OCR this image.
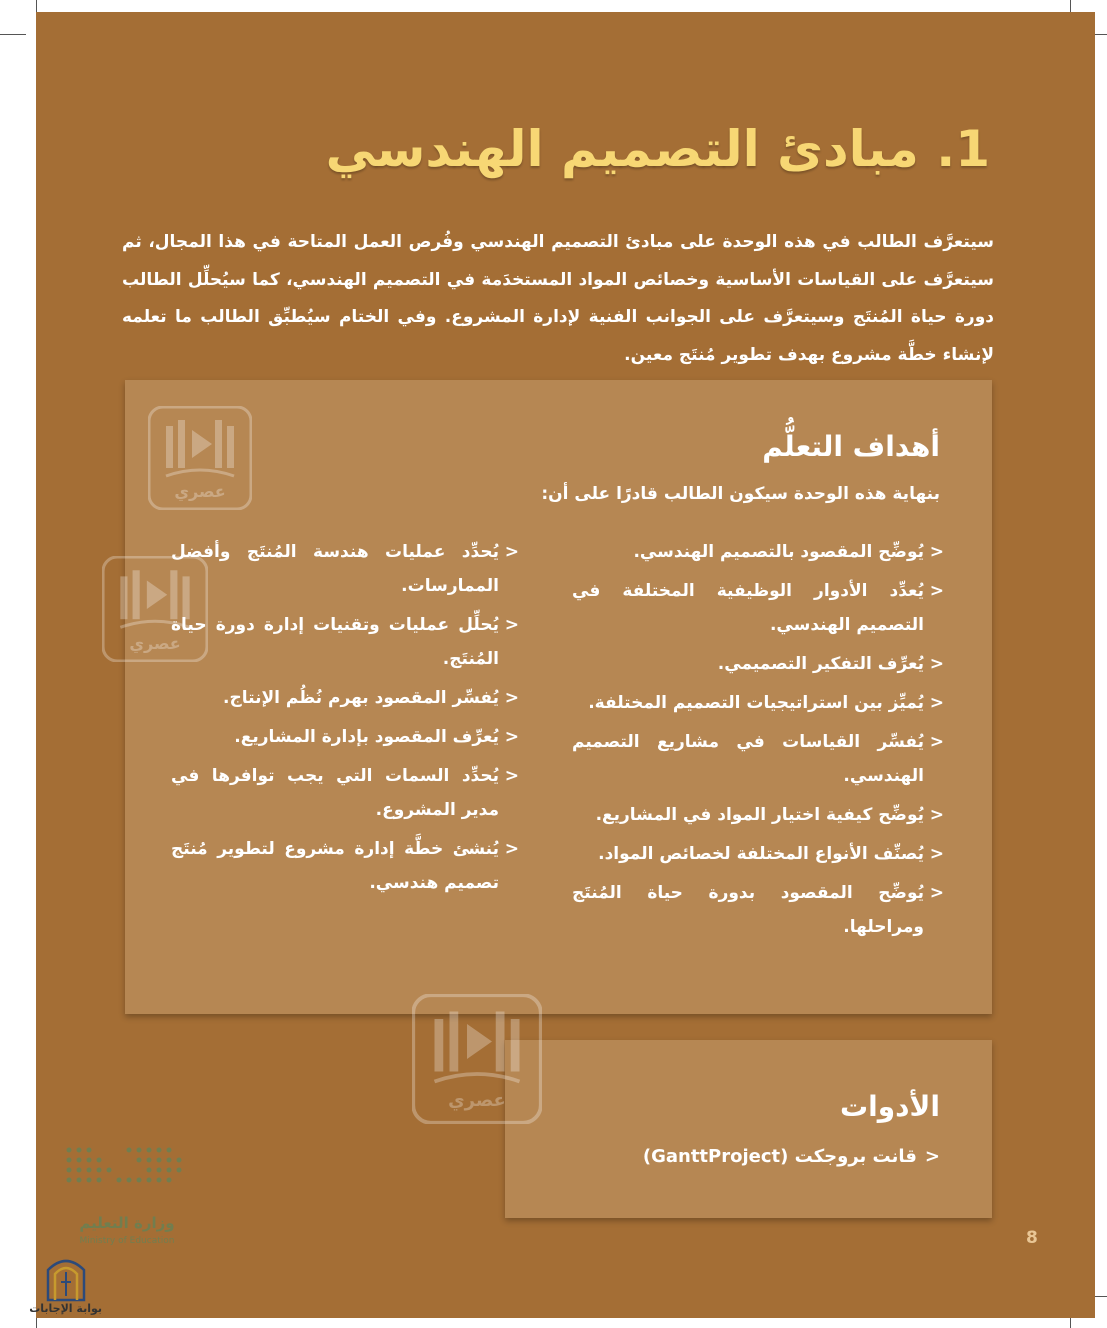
1. مبادئ التصميم الهندسي

سيتعرَّف الطالب في هذه الوحدة على مبادئ التصميم الهندسي وفُرص العمل المتاحة في هذا المجال، ثم سيتعرَّف على القياسات الأساسية وخصائص المواد المستخدَمة في التصميم الهندسي، كما سيُحلِّل الطالب دورة حياة المُنتَج وسيتعرَّف على الجوانب الفنية لإدارة المشروع. وفي الختام سيُطبِّق الطالب ما تعلمه لإنشاء خطَّة مشروع بهدف تطوير مُنتَج معين.

أهداف التعلُّم

بنهاية هذه الوحدة سيكون الطالب قادرًا على أن:

<
يُوضِّح المقصود بالتصميم الهندسي.
<
يُعدِّد الأدوار الوظيفية المختلفة في التصميم الهندسي.
<
يُعرِّف التفكير التصميمي.
<
يُميِّز بين استراتيجيات التصميم المختلفة.
<
يُفسِّر القياسات في مشاريع التصميم الهندسي.
<
يُوضِّح كيفية اختيار المواد في المشاريع.
<
يُصنِّف الأنواع المختلفة لخصائص المواد.
<
يُوضِّح المقصود بدورة حياة المُنتَج ومراحلها.
<
يُحدِّد عمليات هندسة المُنتَج وأفضل الممارسات.
<
يُحلِّل عمليات وتقنيات إدارة دورة حياة المُنتَج.
<
يُفسِّر المقصود بهرم نُظُم الإنتاج.
<
يُعرِّف المقصود بإدارة المشاريع.
<
يُحدِّد السمات التي يجب توافرها في مدير المشروع.
<
يُنشئ خطَّة إدارة مشروع لتطوير مُنتَج تصميم هندسي.
الأدوات

<قانت بروجكت (GanttProject)

8
عصري
عصري
عصري
وزارة التعليم
Ministry of Education
بوابة الإجابات
